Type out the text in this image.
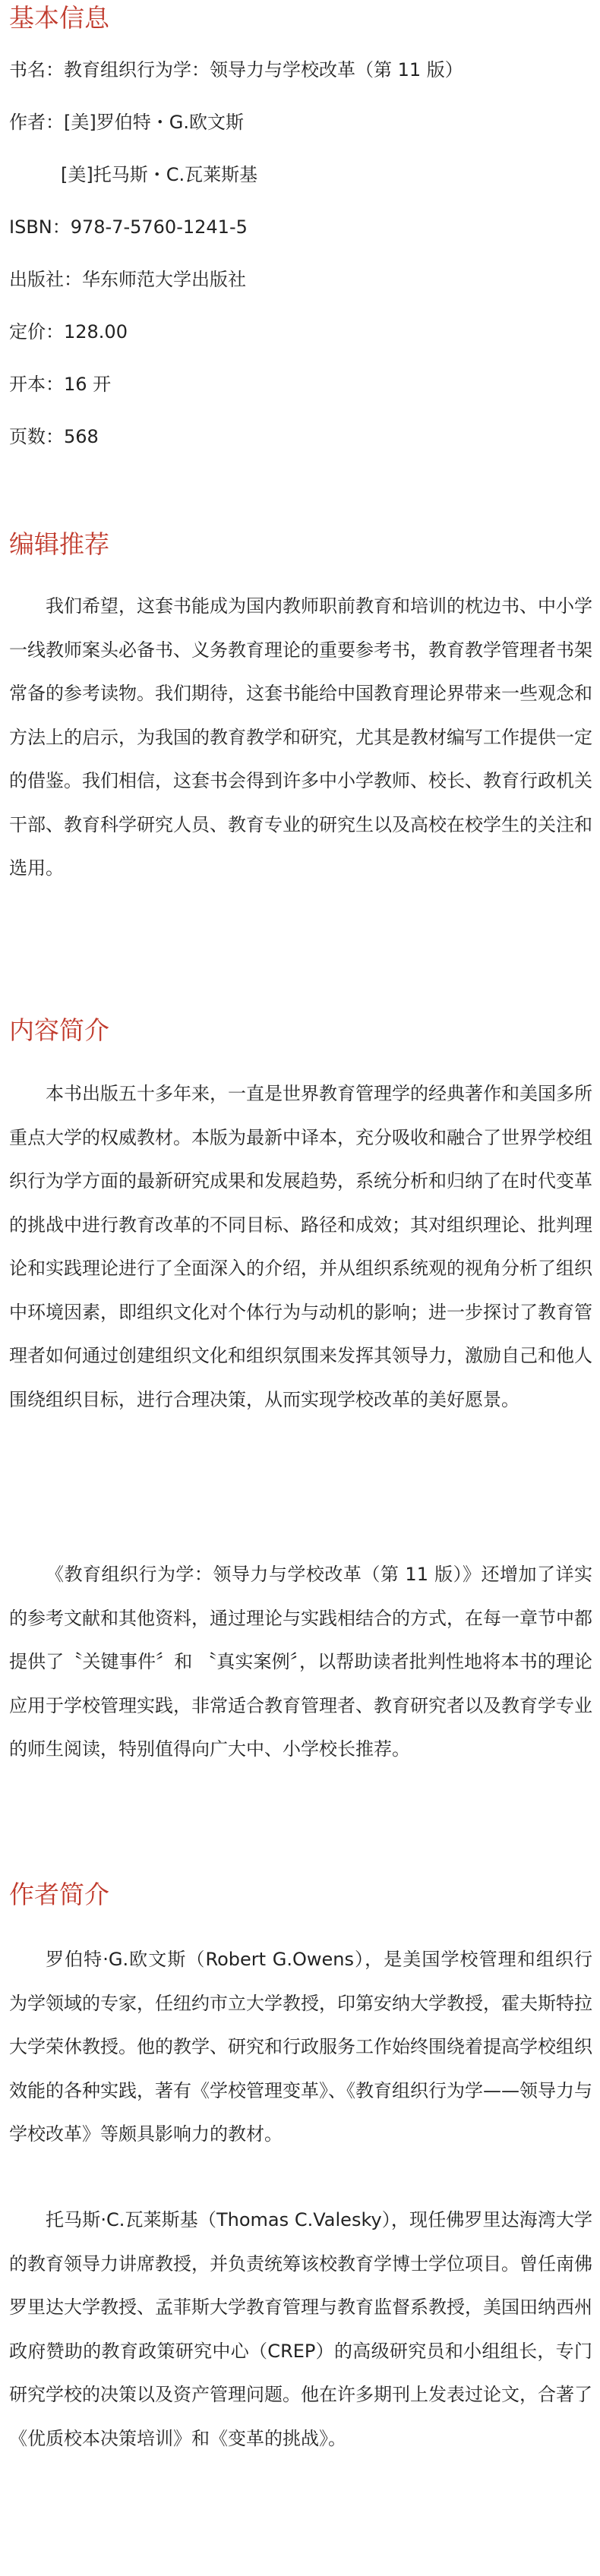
基本信息
书名：教育组织行为学：领导力与学校改革（第 11 版）
作者：[美]罗伯特・G.欧文斯
[美]托马斯・C.瓦莱斯基
ISBN：978-7-5760-1241-5
出版社：华东师范大学出版社
定价：128.00
开本：16 开
页数：568
编辑推荐

我们希望，这套书能成为国内教师职前教育和培训的枕边书、中小学一线教师案头必备书、义务教育理论的重要参考书，教育教学管理者书架常备的参考读物。我们期待，这套书能给中国教育理论界带来一些观念和方法上的启示，为我国的教育教学和研究，尤其是教材编写工作提供一定的借鉴。我们相信，这套书会得到许多中小学教师、校长、教育行政机关干部、教育科学研究人员、教育专业的研究生以及高校在校学生的关注和选用。

内容简介

本书出版五十多年来，一直是世界教育管理学的经典著作和美国多所重点大学的权威教材。本版为最新中译本，充分吸收和融合了世界学校组织行为学方面的最新研究成果和发展趋势，系统分析和归纳了在时代变革的挑战中进行教育改革的不同目标、路径和成效；其对组织理论、批判理论和实践理论进行了全面深入的介绍，并从组织系统观的视角分析了组织中环境因素，即组织文化对个体行为与动机的影响；进一步探讨了教育管理者如何通过创建组织文化和组织氛围来发挥其领导力，激励自己和他人围绕组织目标，进行合理决策，从而实现学校改革的美好愿景。

《教育组织行为学：领导力与学校改革（第 11 版）》还增加了详实的参考文献和其他资料，通过理论与实践相结合的方式，在每一章节中都提供了〝关键事件〞和 〝真实案例〞，以帮助读者批判性地将本书的理论应用于学校管理实践，非常适合教育管理者、教育研究者以及教育学专业的师生阅读，特别值得向广大中、小学校长推荐。

作者简介

罗伯特·G.欧文斯（Robert G.Owens），是美国学校管理和组织行为学领域的专家，任纽约市立大学教授，印第安纳大学教授，霍夫斯特拉大学荣休教授。他的教学、研究和行政服务工作始终围绕着提高学校组织效能的各种实践，著有《学校管理变革》、《教育组织行为学——领导力与学校改革》等颇具影响力的教材。

托马斯·C.瓦莱斯基（Thomas C.Valesky），现任佛罗里达海湾大学的教育领导力讲席教授，并负责统筹该校教育学博士学位项目。曾任南佛罗里达大学教授、孟菲斯大学教育管理与教育监督系教授，美国田纳西州政府赞助的教育政策研究中心（CREP）的高级研究员和小组组长，专门研究学校的决策以及资产管理问题。他在许多期刊上发表过论文，合著了《优质校本决策培训》和《变革的挑战》。
